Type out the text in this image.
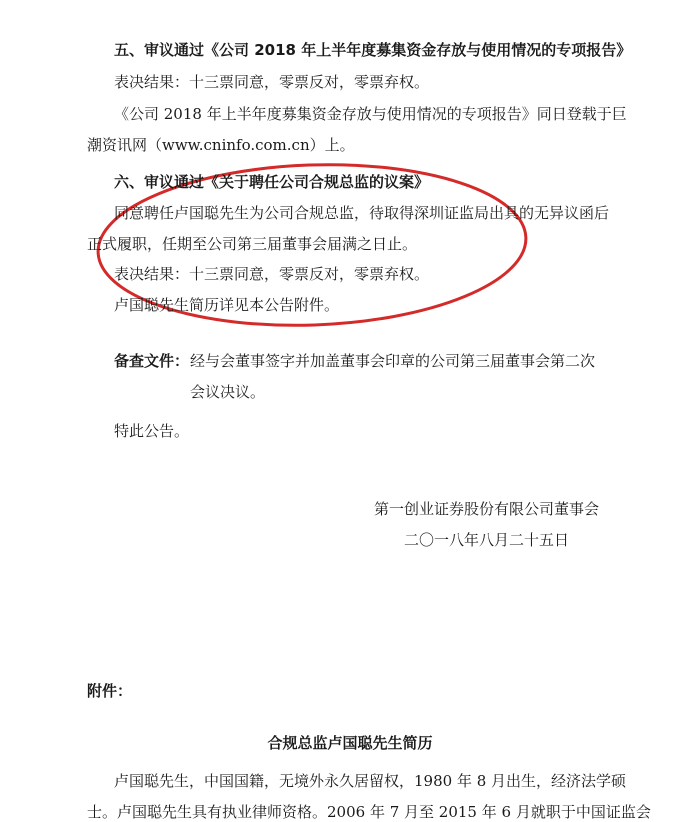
五、审议通过《公司 2018 年上半年度募集资金存放与使用情况的专项报告》
表决结果：十三票同意，零票反对，零票弃权。
《公司 2018 年上半年度募集资金存放与使用情况的专项报告》同日登载于巨
潮资讯网（www.cninfo.com.cn）上。
六、审议通过《关于聘任公司合规总监的议案》
同意聘任卢国聪先生为公司合规总监，待取得深圳证监局出具的无异议函后
正式履职，任期至公司第三届董事会届满之日止。
表决结果：十三票同意，零票反对，零票弃权。
卢国聪先生简历详见本公告附件。
备查文件： 经与会董事签字并加盖董事会印章的公司第三届董事会第二次
会议决议。
特此公告。
第一创业证券股份有限公司董事会
二〇一八年八月二十五日
附件：
合规总监卢国聪先生简历
卢国聪先生，中国国籍，无境外永久居留权，1980 年 8 月出生，经济法学硕
士。卢国聪先生具有执业律师资格。2006 年 7 月至 2015 年 6 月就职于中国证监会
